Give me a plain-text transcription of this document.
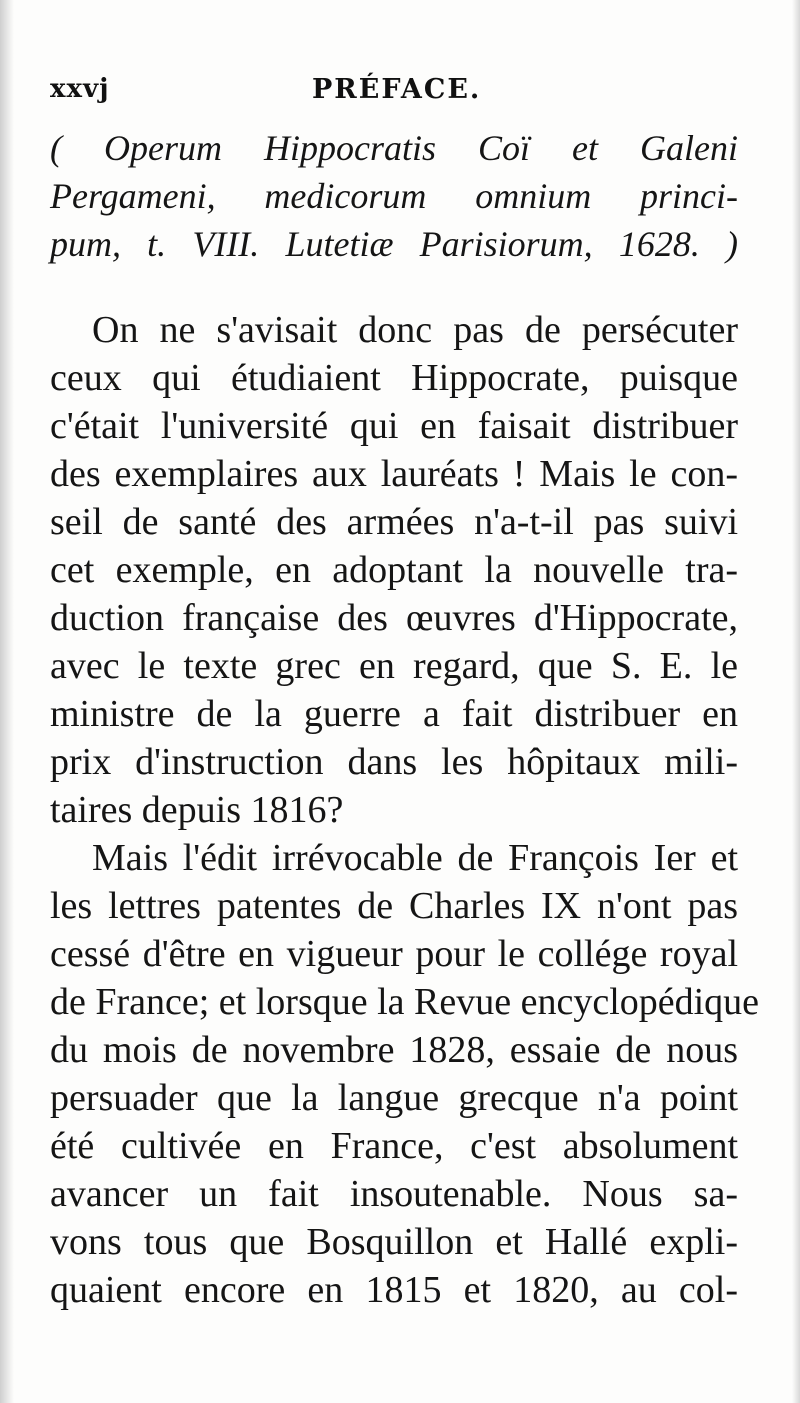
xxvj	PRÉFACE.
( Operum Hippocratis Coï et Galeni
Pergameni, medicorum omnium princi-
pum, t. VIII. Lutetiæ Parisiorum, 1628. )
On ne s'avisait donc pas de persécuter
ceux qui étudiaient Hippocrate, puisque
c'était l'université qui en faisait distribuer
des exemplaires aux lauréats ! Mais le con-
seil de santé des armées n'a-t-il pas suivi
cet exemple, en adoptant la nouvelle tra-
duction française des œuvres d'Hippocrate,
avec le texte grec en regard, que S. E. le
ministre de la guerre a fait distribuer en
prix d'instruction dans les hôpitaux mili-
taires depuis 1816?
Mais l'édit irrévocable de François Ier et
les lettres patentes de Charles IX n'ont pas
cessé d'être en vigueur pour le collége royal
de France; et lorsque la Revue encyclopédique
du mois de novembre 1828, essaie de nous
persuader que la langue grecque n'a point
été cultivée en France, c'est absolument
avancer un fait insoutenable. Nous sa-
vons tous que Bosquillon et Hallé expli-
quaient encore en 1815 et 1820, au col-
